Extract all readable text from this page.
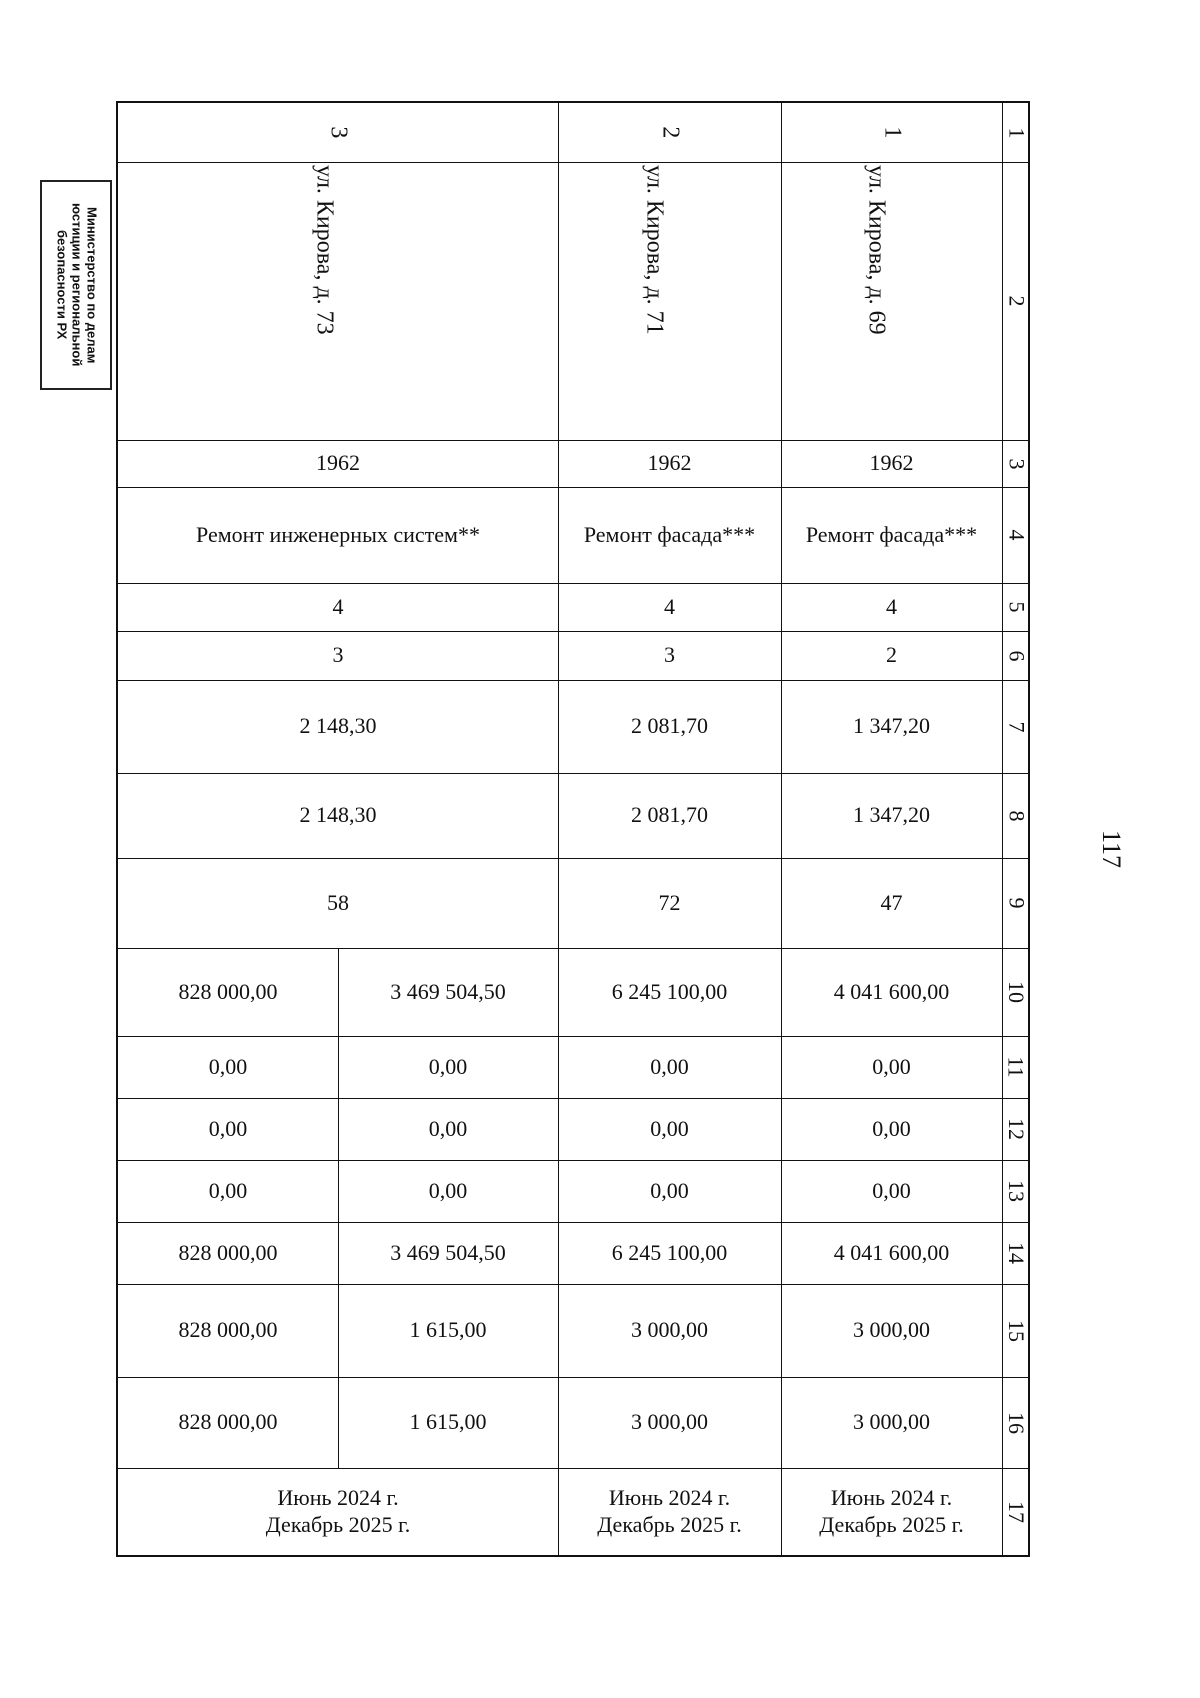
Министерство по делам
юстиции и региональной
безопасности РХ
117
1
2
3
4
5
6
7
8
9
10
11
12
13
14
15
16
17
1
2
3
ул. Кирова, д. 69
ул. Кирова, д. 71
ул. Кирова, д. 73
1962
1962
1962
Ремонт фасада***
Ремонт фасада***
Ремонт инженерных систем**
4
4
4
2
3
3
1 347,20
2 081,70
2 148,30
1 347,20
2 081,70
2 148,30
47
72
58
4 041 600,00
6 245 100,00
3 469 504,50
828 000,00
0,00
0,00
0,00
0,00
0,00
0,00
0,00
0,00
0,00
0,00
0,00
0,00
4 041 600,00
6 245 100,00
3 469 504,50
828 000,00
3 000,00
3 000,00
1 615,00
828 000,00
3 000,00
3 000,00
1 615,00
828 000,00
Июнь 2024 г.
Декабрь 2025 г.
Июнь 2024 г.
Декабрь 2025 г.
Июнь 2024 г.
Декабрь 2025 г.
